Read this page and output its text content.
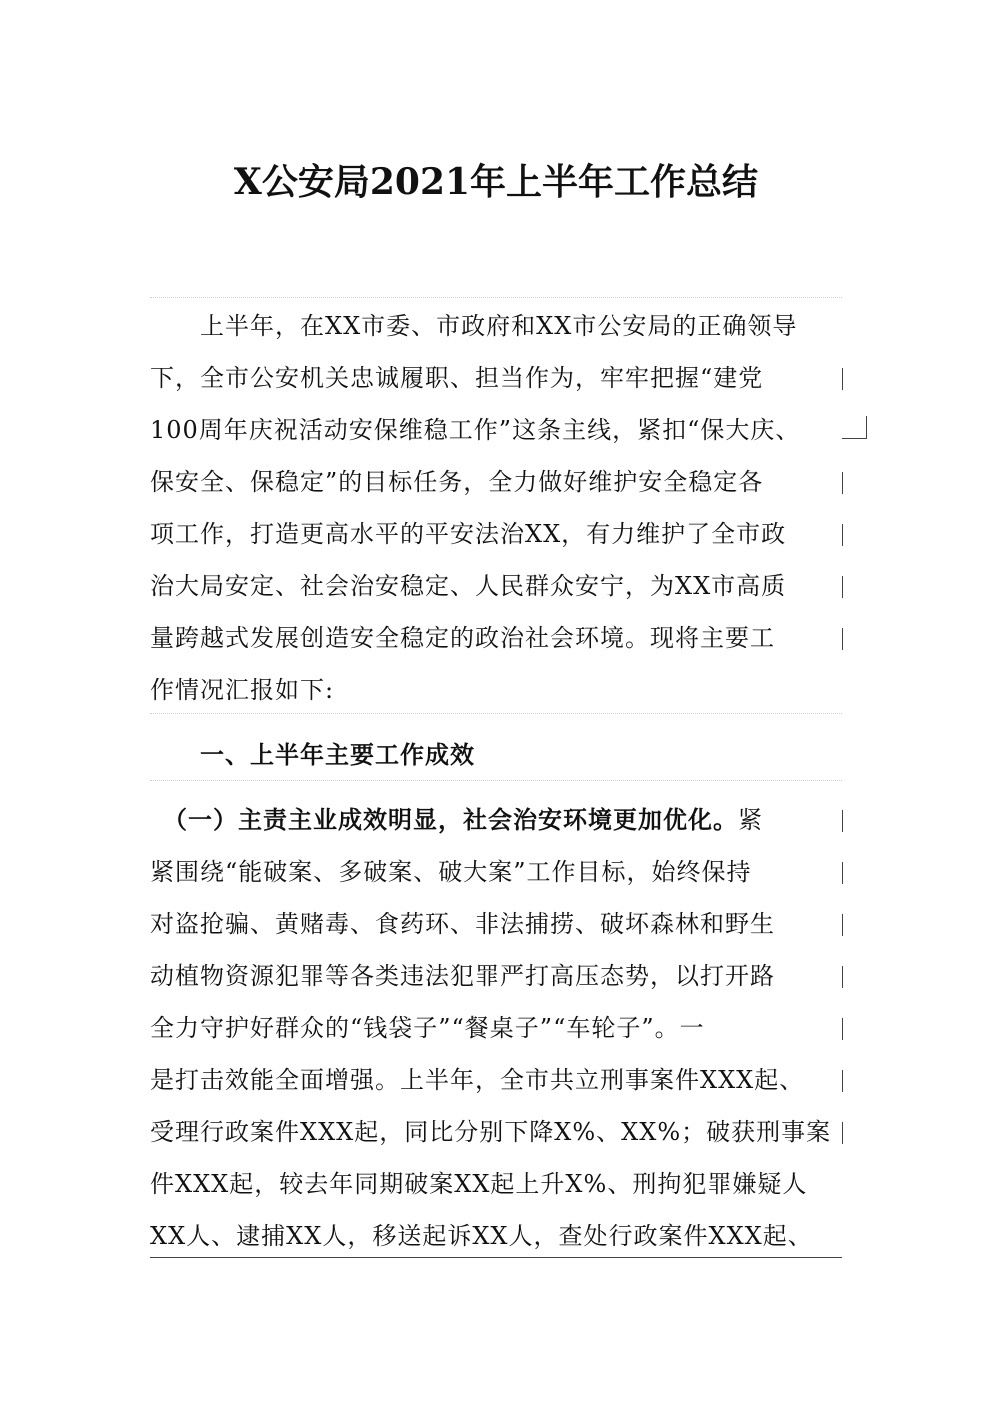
X公安局2021年上半年工作总结
　　上半年，在XX市委、市政府和XX市公安局的正确领导
下，全市公安机关忠诚履职、担当作为，牢牢把握“建党
100周年庆祝活动安保维稳工作”这条主线，紧扣“保大庆、
保安全、保稳定”的目标任务，全力做好维护安全稳定各
项工作，打造更高水平的平安法治XX，有力维护了全市政
治大局安定、社会治安稳定、人民群众安宁，为XX市高质
量跨越式发展创造安全稳定的政治社会环境。现将主要工
作情况汇报如下:
　　一、上半年主要工作成效
　（一）主责主业成效明显，社会治安环境更加优化。紧
紧围绕“能破案、多破案、破大案”工作目标，始终保持
对盗抢骗、黄赌毒、食药环、非法捕捞、破坏森林和野生
动植物资源犯罪等各类违法犯罪严打高压态势，以打开路
全力守护好群众的“钱袋子”“餐桌子”“车轮子”。一
是打击效能全面增强。上半年，全市共立刑事案件XXX起、
受理行政案件XXX起，同比分别下降X%、XX%；破获刑事案
件XXX起，较去年同期破案XX起上升X%、刑拘犯罪嫌疑人
XX人、逮捕XX人，移送起诉XX人，查处行政案件XXX起、
